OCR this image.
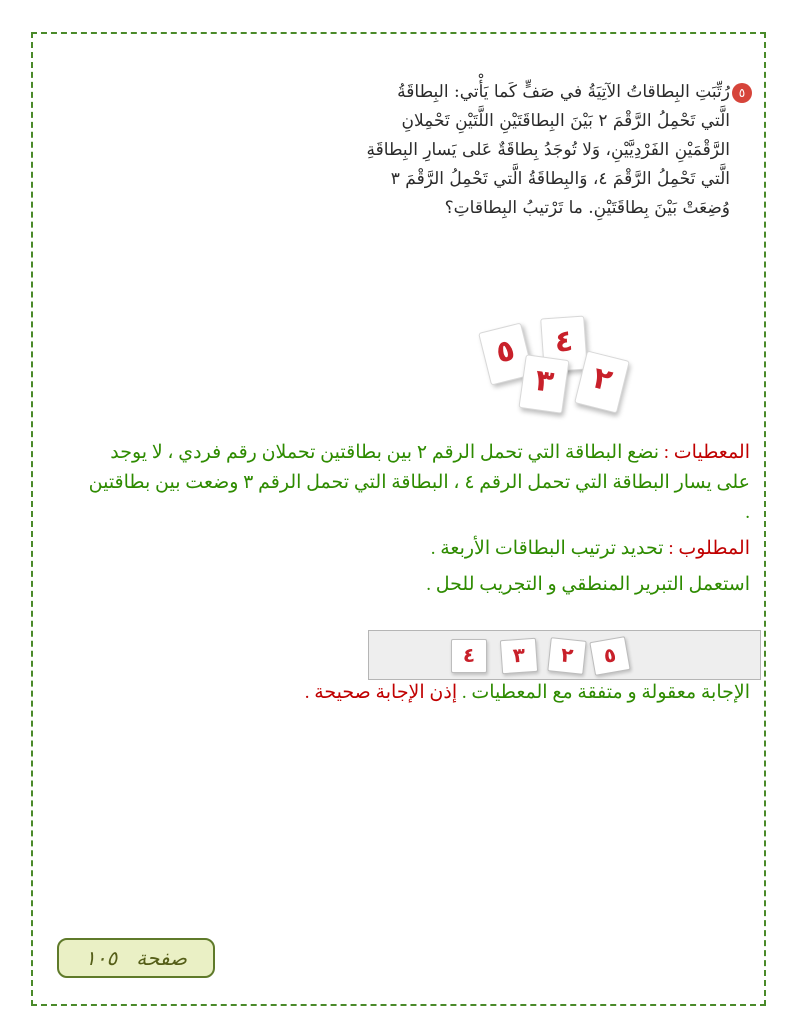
٥
رُتِّبَتِ البِطاقاتُ الآتِيَةُ في صَفٍّ كَما يَأْتي: البِطاقَةُ
الَّتي تَحْمِلُ الرَّقْمَ ٢ بَيْنَ البِطاقَتَيْنِ اللَّتَيْنِ تَحْمِلانِ
الرَّقْمَيْنِ الفَرْدِيَّيْنِ، وَلا تُوجَدُ بِطاقَةٌ عَلى يَسارِ البِطاقَةِ
الَّتي تَحْمِلُ الرَّقْمَ ٤، وَالبِطاقَةُ الَّتي تَحْمِلُ الرَّقْمَ ٣
وُضِعَتْ بَيْنَ بِطاقَتَيْنِ. ما تَرْتيبُ البِطاقاتِ؟
٥	٤
٣	٢
المعطيات : نضع البطاقة التي تحمل الرقم ٢ بين بطاقتين تحملان رقم فردي ، لا يوجد
على يسار البطاقة التي تحمل الرقم ٤ ، البطاقة التي تحمل الرقم ٣ وضعت بين بطاقتين
.
المطلوب : تحديد ترتيب البطاقات الأربعة .
استعمل التبرير المنطقي و التجريب للحل .
٥
٢
٣
٤
الإجابة معقولة و متفقة مع المعطيات . إذن الإجابة صحيحة .
صفحة   ١٠٥
